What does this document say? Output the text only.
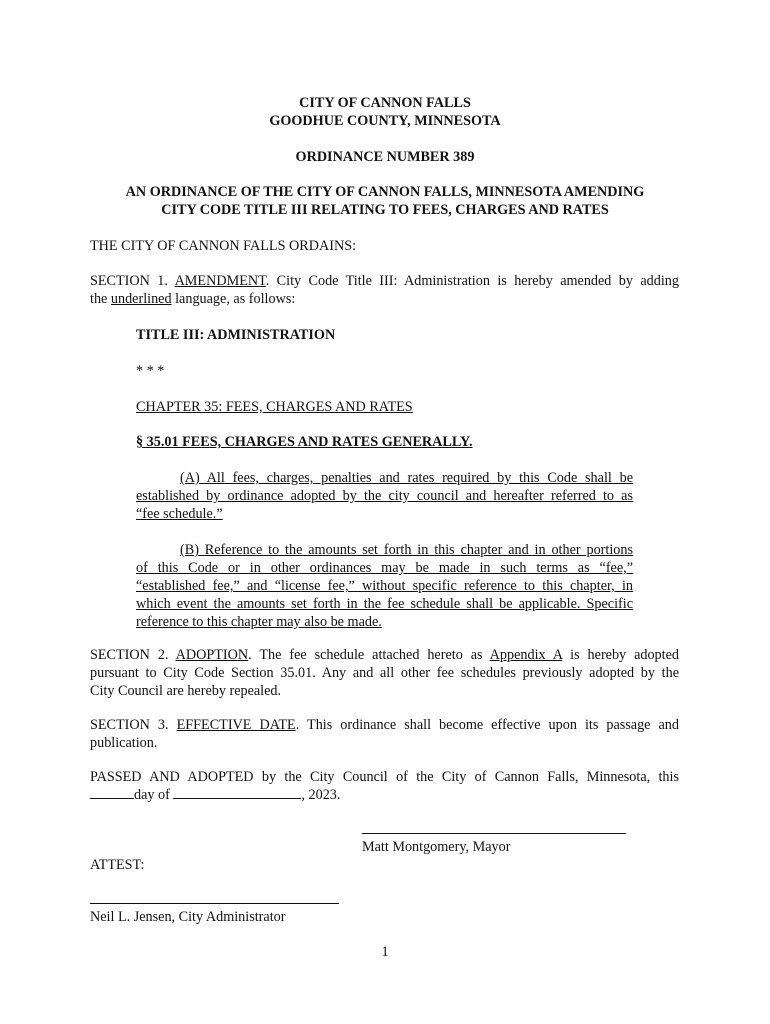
CITY OF CANNON FALLS
GOODHUE COUNTY, MINNESOTA
ORDINANCE NUMBER 389
AN ORDINANCE OF THE CITY OF CANNON FALLS, MINNESOTA AMENDING
CITY CODE TITLE III RELATING TO FEES, CHARGES AND RATES
THE CITY OF CANNON FALLS ORDAINS:
SECTION 1. AMENDMENT. City Code Title III: Administration is hereby amended by adding
the underlined language, as follows:
TITLE III: ADMINISTRATION
* * *
CHAPTER 35: FEES, CHARGES AND RATES
§ 35.01 FEES, CHARGES AND RATES GENERALLY.
(A) All fees, charges, penalties and rates required by this Code shall be
established by ordinance adopted by the city council and hereafter referred to as
“fee schedule.”
(B) Reference to the amounts set forth in this chapter and in other portions
of this Code or in other ordinances may be made in such terms as “fee,”
“established fee,” and “license fee,” without specific reference to this chapter, in
which event the amounts set forth in the fee schedule shall be applicable. Specific
reference to this chapter may also be made.
SECTION 2. ADOPTION. The fee schedule attached hereto as Appendix A is hereby adopted
pursuant to City Code Section 35.01. Any and all other fee schedules previously adopted by the
City Council are hereby repealed.
SECTION 3. EFFECTIVE DATE. This ordinance shall become effective upon its passage and
publication.
PASSED AND ADOPTED by the City Council of the City of Cannon Falls, Minnesota, this
day of	, 2023.
Matt Montgomery, Mayor
ATTEST:
Neil L. Jensen, City Administrator
1
